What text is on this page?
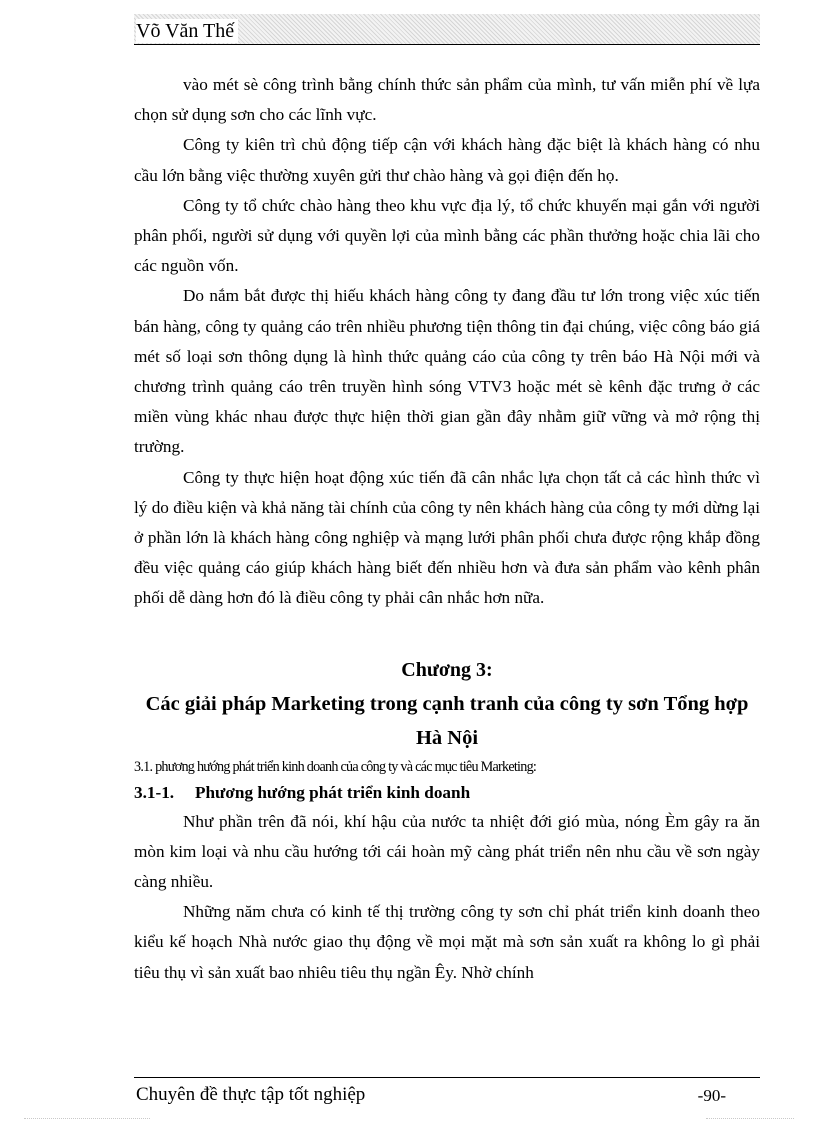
Võ Văn Thế

vào mét sè công trình bằng chính thức sản phẩm của mình, tư vấn miễn phí về lựa chọn sử dụng sơn cho các lĩnh vực.

Công ty kiên trì chủ động tiếp cận với khách hàng đặc biệt là khách hàng có nhu cầu lớn bằng việc thường xuyên gửi thư chào hàng và gọi điện đến họ.

Công ty tổ chức chào hàng theo khu vực địa lý, tổ chức khuyến mại gắn với người phân phối, người sử dụng với quyền lợi của mình bằng các phần thưởng hoặc chia lãi cho các nguồn vốn.

Do nắm bắt được thị hiếu khách hàng công ty đang đầu tư lớn trong việc xúc tiến bán hàng, công ty quảng cáo trên nhiều phương tiện thông tin đại chúng, việc công báo giá mét số loại sơn thông dụng là hình thức quảng cáo của công ty trên báo Hà Nội mới và chương trình quảng cáo trên truyền hình sóng VTV3 hoặc mét sè kênh đặc trưng ở các miền vùng khác nhau được thực hiện thời gian gần đây nhằm giữ vững và mở rộng thị trường.

Công ty thực hiện hoạt động xúc tiến đã cân nhắc lựa chọn tất cả các hình thức vì lý do điều kiện và khả năng tài chính của công ty nên khách hàng của công ty mới dừng lại ở phần lớn là khách hàng công nghiệp và mạng lưới phân phối chưa được rộng khắp đồng đều việc quảng cáo giúp khách hàng biết đến nhiều hơn và đưa sản phẩm vào kênh phân phối dễ dàng hơn đó là điều công ty phải cân nhắc hơn nữa.

Chương 3:

Các giải pháp Marketing trong cạnh tranh của công ty sơn Tổng hợp Hà Nội

3.1. phương hướng phát triển kinh doanh của công ty và các mục tiêu Marketing:

3.1-1. Phương hướng phát triển kinh doanh

Như phần trên đã nói, khí hậu của nước ta nhiệt đới gió mùa, nóng Èm gây ra ăn mòn kim loại và nhu cầu hướng tới cái hoàn mỹ càng phát triển nên nhu cầu về sơn ngày càng nhiều.

Những năm chưa có kinh tế thị trường công ty sơn chỉ phát triển kinh doanh theo kiểu kế hoạch Nhà nước giao thụ động về mọi mặt mà sơn sản xuất ra không lo gì phải tiêu thụ vì sản xuất bao nhiêu tiêu thụ ngần Êy. Nhờ chính

Chuyên đề thực tập tốt nghiệp	-90-
